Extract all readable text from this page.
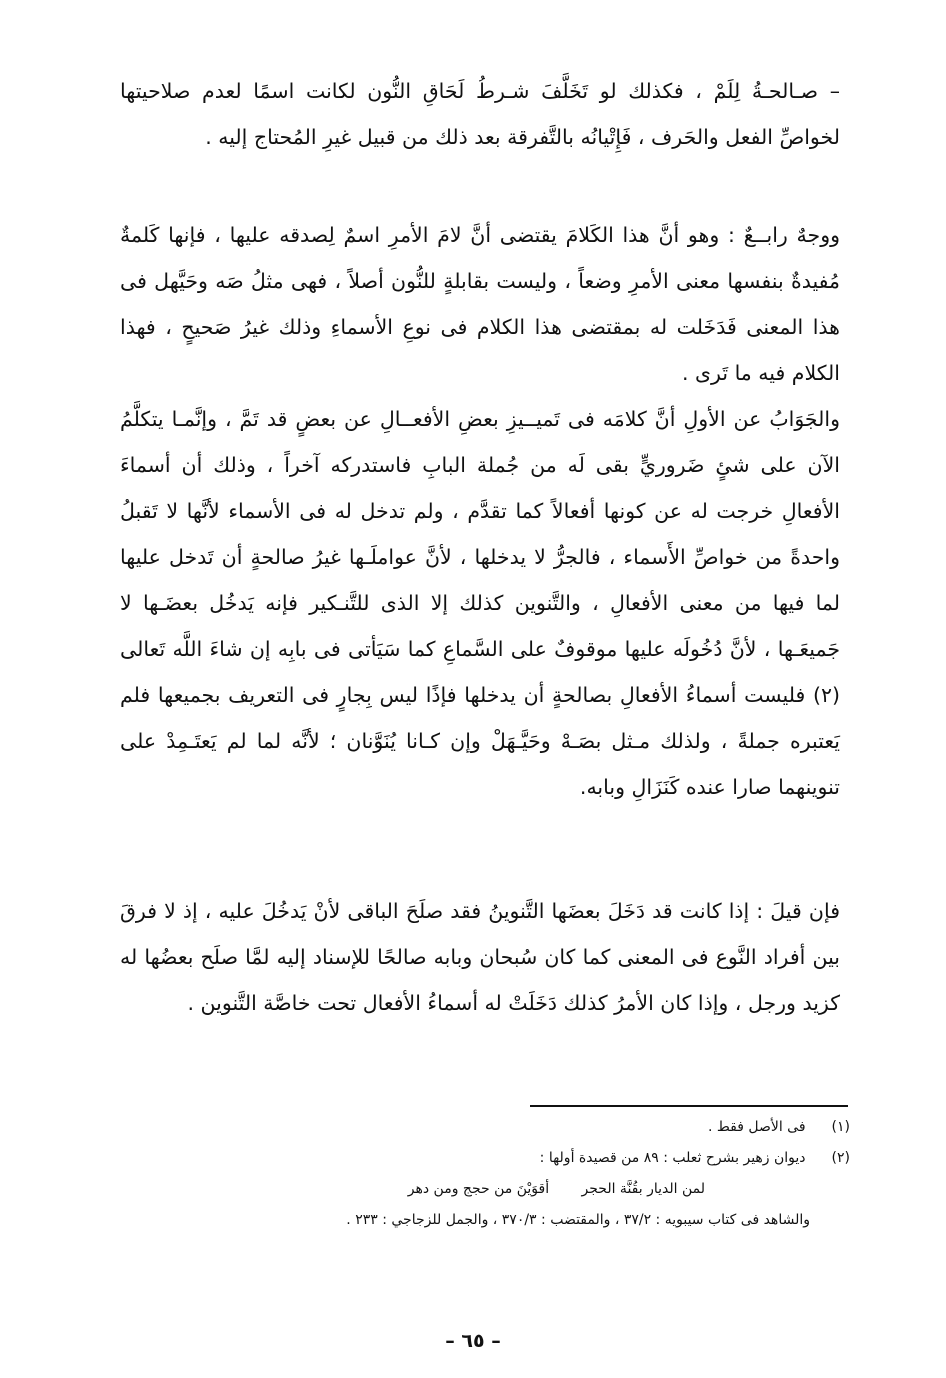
– صـالحـةُ لِلَمْ ، فكذلك لو تَخَلَّفَ شـرطُ لَحَاقِ النُّون لكانت اسمًا لعدم صلاحيتها لخواصِّ الفعل والحَرف ، فَإِتْيانُه بالتَّفرقة بعد ذلك من قبيل غيرِ المُحتاج إليه .

ووجهٌ رابــعٌ : وهو أنَّ هذا الكَلامَ يقتضى أنَّ لامَ الأمرِ اسمٌ لِصدقه عليها ، فإنها كَلمةٌ مُفيدةٌ بنفسها معنى الأمرِ وضعاً ، وليست بقابلةٍ للنُّون أصلاً ، فهى مثلُ صَه وحَيَّهل فى هذا المعنى فَدَخَلت له بمقتضى هذا الكلام فى نوعِ الأسماءِ وذلك غيرُ صَحيحٍ ، فهذا الكلام فيه ما تَرى .

والجَوَابُ عن الأولِ أنَّ كلامَه فى تَميــيزِ بعضِ الأفعــالِ عن بعضٍ قد تَمَّ ، وإنَّمـا يتكلَّمُ الآن على شئٍ ضَروريٍّ بقى لَه من جُملة البابِ فاستدركه آخراً ، وذلك أن أسماءَ الأفعالِ خرجت له عن كونها أفعالاً كما تقدَّم ، ولم تدخل له فى الأسماء لأنَّها لا تَقبلُ واحدةً من خواصِّ الأَسماء ، فالجرُّ لا يدخلها ، لأنَّ عواملَـها غيرُ صالحةٍ أن تَدخل عليها لما فيها من معنى الأفعالِ ، والتَّنوين كذلك إلا الذى للتَّنـكير فإنه يَدخُل بعضَـها لا جَميعَـها ، لأنَّ دُخُولَه عليها موقوفٌ على السَّماعِ كما سَيَأتى فى بابِه إن شاءَ اللَّه تَعالى (٢) فليست أسماءُ الأفعالِ بصالحةٍ أن يدخلها فإذًا ليس بِجارٍ فى التعريف بجميعها فلم يَعتبره جملةً ، ولذلك مـثل بصَـهْ وحَيَّـهَلْ وإن كـانا يُنَوَّنان ؛ لأنَّه لما لم يَعتَـمِدْ على تنوينهما صارا عنده كَنَزَالِ وبابه.

فإن قيلَ : إذا كانت قد دَخَلَ بعضَها التَّنوينُ فقد صلَحَ الباقى لأنْ يَدخُلَ عليه ، إذ لا فرقَ بين أفراد النَّوع فى المعنى كما كان سُبحان وبابه صالحًا للإسناد إليه لمَّا صلَح بعضُها له كزيد ورجل ، وإذا كان الأمرُ كذلك دَخَلَتْ له أسماءُ الأفعال تحت خاصَّة التَّنوين .

(١) فى الأصل فقط .
(٢) ديوان زهير بشرح ثعلب : ٨٩ من قصيدة أولها :
لمن الديار بقُنَّة الحجر أقوَيْنَ من حجج ومن دهر
والشاهد فى كتاب سيبويه : ٣٧/٢ ، والمقتضب : ٣٧٠/٣ ، والجمل للزجاجي : ٢٣٣ .
– ٦٥ –
